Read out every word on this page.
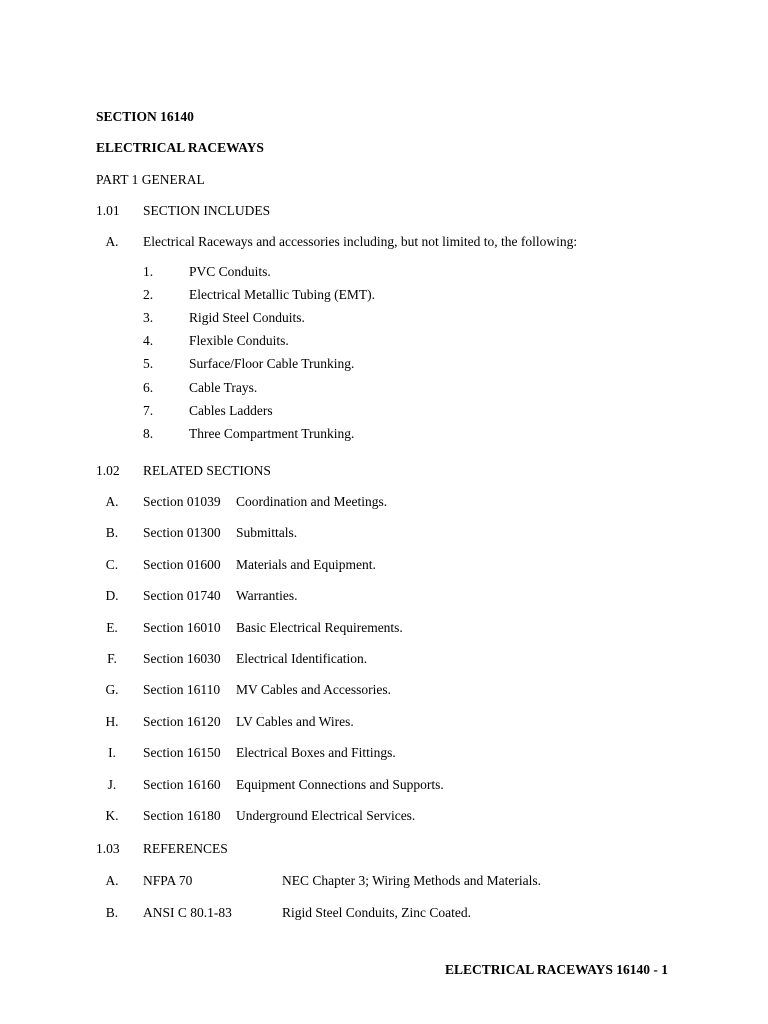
SECTION 16140
ELECTRICAL RACEWAYS
PART 1 GENERAL
1.01 SECTION INCLUDES
A.	Electrical Raceways and accessories including, but not limited to, the following:
1.	PVC Conduits.
2.	Electrical Metallic Tubing (EMT).
3.	Rigid Steel Conduits.
4.	Flexible Conduits.
5.	Surface/Floor Cable Trunking.
6.	Cable Trays.
7.	Cables Ladders
8.	Three Compartment Trunking.
1.02 RELATED SECTIONS
A.	Section 01039 Coordination and Meetings.
B.	Section 01300 Submittals.
C.	Section 01600 Materials and Equipment.
D.	Section 01740 Warranties.
E.	Section 16010 Basic Electrical Requirements.
F.	Section 16030 Electrical Identification.
G.	Section 16110 MV Cables and Accessories.
H.	Section 16120 LV Cables and Wires.
I.	Section 16150 Electrical Boxes and Fittings.
J.	Section 16160 Equipment Connections and Supports.
K.	Section 16180 Underground Electrical Services.
1.03 REFERENCES
A.	NFPA 70	NEC Chapter 3; Wiring Methods and Materials.
B.	ANSI C 80.1-83	Rigid Steel Conduits, Zinc Coated.
ELECTRICAL RACEWAYS 16140 - 1
